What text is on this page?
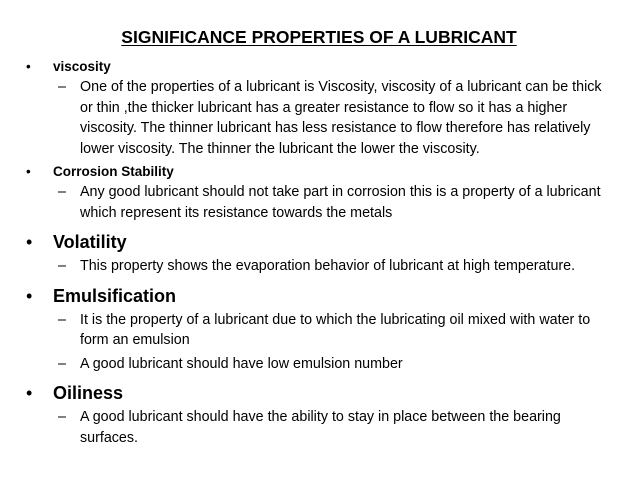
SIGNIFICANCE PROPERTIES OF A LUBRICANT
• viscosity
– One of the properties of a lubricant is Viscosity, viscosity of a lubricant can be thick or thin ,the thicker lubricant has a greater resistance to flow so it has a higher viscosity. The thinner lubricant has less resistance to flow therefore has relatively lower viscosity. The thinner the lubricant the lower the viscosity.
• Corrosion Stability
– Any good lubricant should not take part in corrosion this is a property of a lubricant which represent its resistance towards the metals
• Volatility
– This property shows the evaporation behavior of lubricant at high temperature.
• Emulsification
– It is the property of a lubricant due to which the lubricating oil mixed with water to form an emulsion
– A good lubricant should have low emulsion number
• Oiliness
– A good lubricant should have the ability to stay in place between the bearing surfaces.
